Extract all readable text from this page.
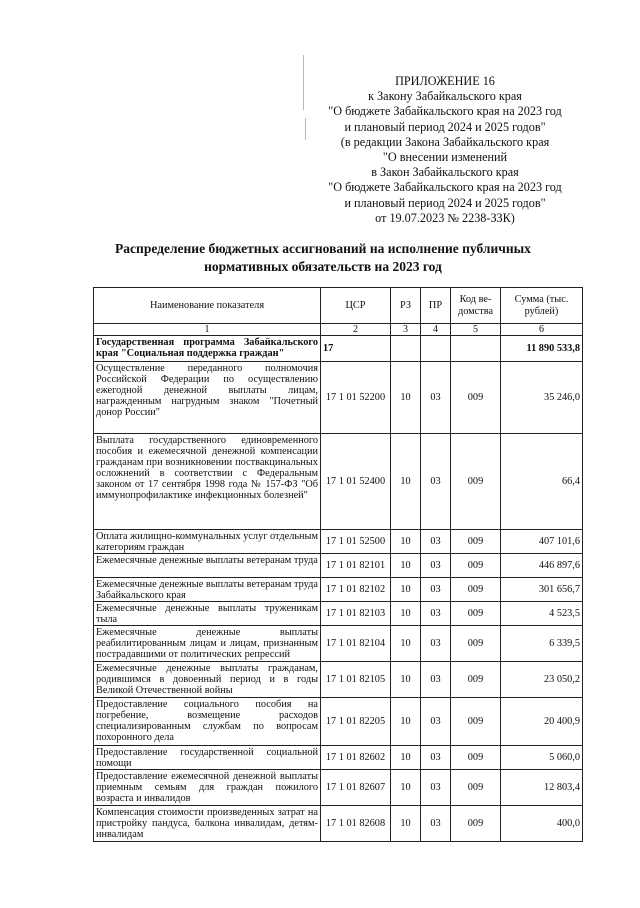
ПРИЛОЖЕНИЕ 16
к Закону Забайкальского края
"О бюджете Забайкальского края на 2023 год
и плановый период 2024 и 2025 годов"
(в редакции Закона Забайкальского края
"О внесении изменений
в Закон Забайкальского края
"О бюджете Забайкальского края на 2023 год
и плановый период 2024 и 2025 годов"
от 19.07.2023 № 2238-ЗЗК)
Распределение бюджетных ассигнований на исполнение публичных
нормативных обязательств на 2023 год
Наименование показателя	ЦСР	РЗ	ПР	Код ве-домства	Сумма (тыс. рублей)
1	2	3	4	5	6
Государственная программа Забайкальского края "Социальная поддержка граждан"	17				11 890 533,8
Осуществление переданного полномочия Российской Федерации по осуществлению ежегодной денежной выплаты лицам, награжденным нагрудным знаком "Почетный донор России"	17 1 01 52200	10	03	009	35 246,0
Выплата государственного единовременного пособия и ежемесячной денежной компенсации гражданам при возникновении поствакцинальных осложнений в соответствии с Федеральным законом от 17 сентября 1998 года № 157-ФЗ "Об иммунопрофилактике инфекционных болезней"	17 1 01 52400	10	03	009	66,4
Оплата жилищно-коммунальных услуг отдельным категориям граждан	17 1 01 52500	10	03	009	407 101,6
Ежемесячные денежные выплаты ветеранам труда	17 1 01 82101	10	03	009	446 897,6
Ежемесячные денежные выплаты ветеранам труда Забайкальского края	17 1 01 82102	10	03	009	301 656,7
Ежемесячные денежные выплаты труженикам тыла	17 1 01 82103	10	03	009	4 523,5
Ежемесячные денежные выплаты реабилитированным лицам и лицам, признанным пострадавшими от политических репрессий	17 1 01 82104	10	03	009	6 339,5
Ежемесячные денежные выплаты гражданам, родившимся в довоенный период и в годы Великой Отечественной войны	17 1 01 82105	10	03	009	23 050,2
Предоставление социального пособия на погребение, возмещение расходов специализированным службам по вопросам похоронного дела	17 1 01 82205	10	03	009	20 400,9
Предоставление государственной социальной помощи	17 1 01 82602	10	03	009	5 060,0
Предоставление ежемесячной денежной выплаты приемным семьям для граждан пожилого возраста и инвалидов	17 1 01 82607	10	03	009	12 803,4
Компенсация стоимости произведенных затрат на пристройку пандуса, балкона инвалидам, детям-инвалидам	17 1 01 82608	10	03	009	400,0
